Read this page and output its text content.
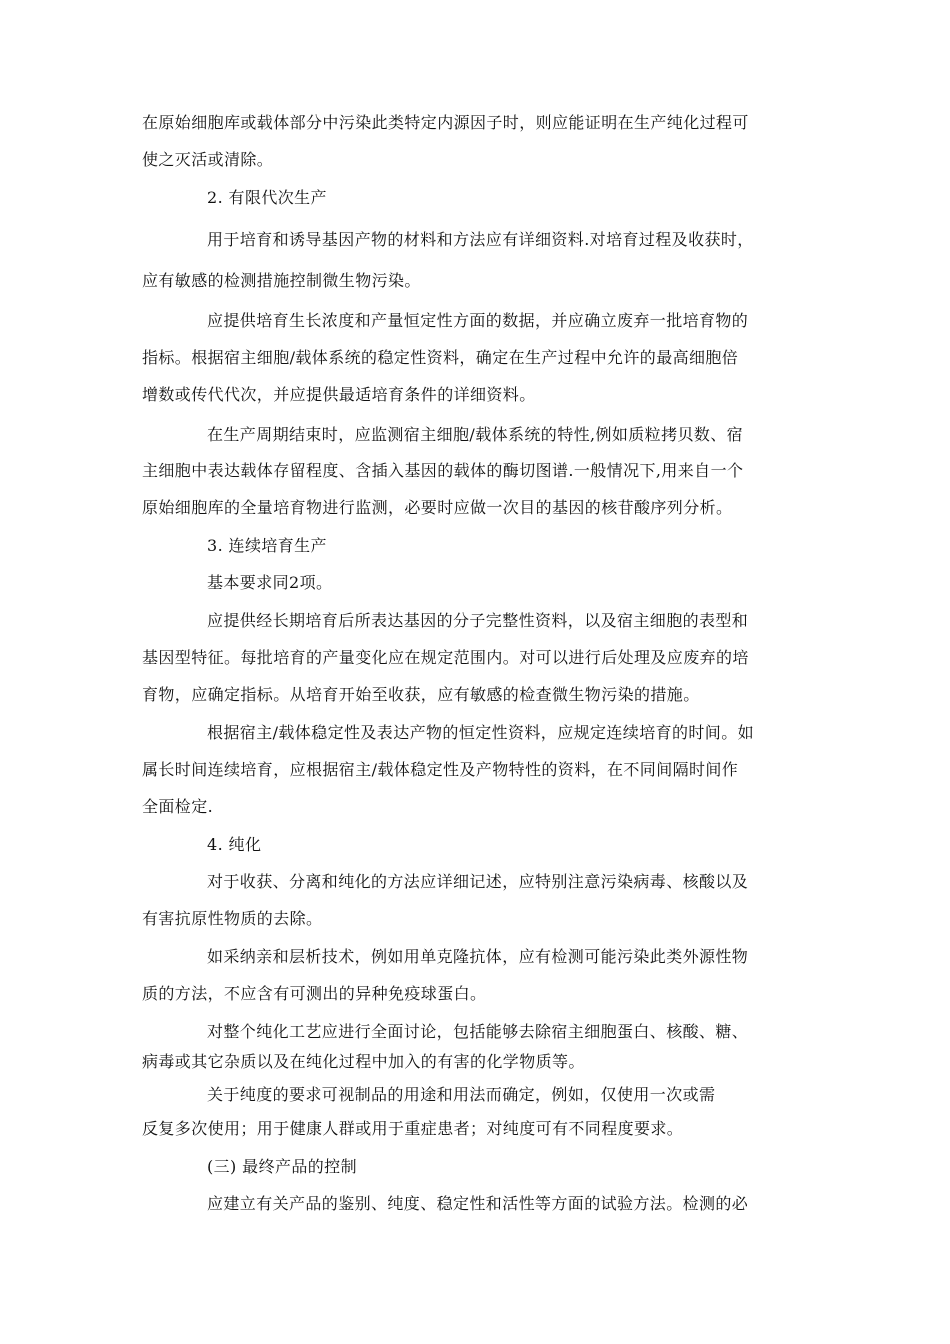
在原始细胞库或载体部分中污染此类特定内源因子时，则应能证明在生产纯化过程可
使之灭活或清除。
2. 有限代次生产
用于培育和诱导基因产物的材料和方法应有详细资料.对培育过程及收获时，
应有敏感的检测措施控制微生物污染。
应提供培育生长浓度和产量恒定性方面的数据，并应确立废弃一批培育物的
指标。根据宿主细胞/载体系统的稳定性资料，确定在生产过程中允许的最高细胞倍
增数或传代代次，并应提供最适培育条件的详细资料。
在生产周期结束时，应监测宿主细胞/载体系统的特性,例如质粒拷贝数、宿
主细胞中表达载体存留程度、含插入基因的载体的酶切图谱.一般情况下,用来自一个
原始细胞库的全量培育物进行监测，必要时应做一次目的基因的核苷酸序列分析。
3. 连续培育生产
基本要求同2项。
应提供经长期培育后所表达基因的分子完整性资料，以及宿主细胞的表型和
基因型特征。每批培育的产量变化应在规定范围内。对可以进行后处理及应废弃的培
育物，应确定指标。从培育开始至收获，应有敏感的检查微生物污染的措施。
根据宿主/载体稳定性及表达产物的恒定性资料，应规定连续培育的时间。如
属长时间连续培育，应根据宿主/载体稳定性及产物特性的资料，在不同间隔时间作
全面检定.
4. 纯化
对于收获、分离和纯化的方法应详细记述，应特别注意污染病毒、核酸以及
有害抗原性物质的去除。
如采纳亲和层析技术，例如用单克隆抗体，应有检测可能污染此类外源性物
质的方法，不应含有可测出的异种免疫球蛋白。
对整个纯化工艺应进行全面讨论，包括能够去除宿主细胞蛋白、核酸、糖、
病毒或其它杂质以及在纯化过程中加入的有害的化学物质等。
关于纯度的要求可视制品的用途和用法而确定，例如，仅使用一次或需
反复多次使用；用于健康人群或用于重症患者；对纯度可有不同程度要求。
(三) 最终产品的控制
应建立有关产品的鉴别、纯度、稳定性和活性等方面的试验方法。检测的必
